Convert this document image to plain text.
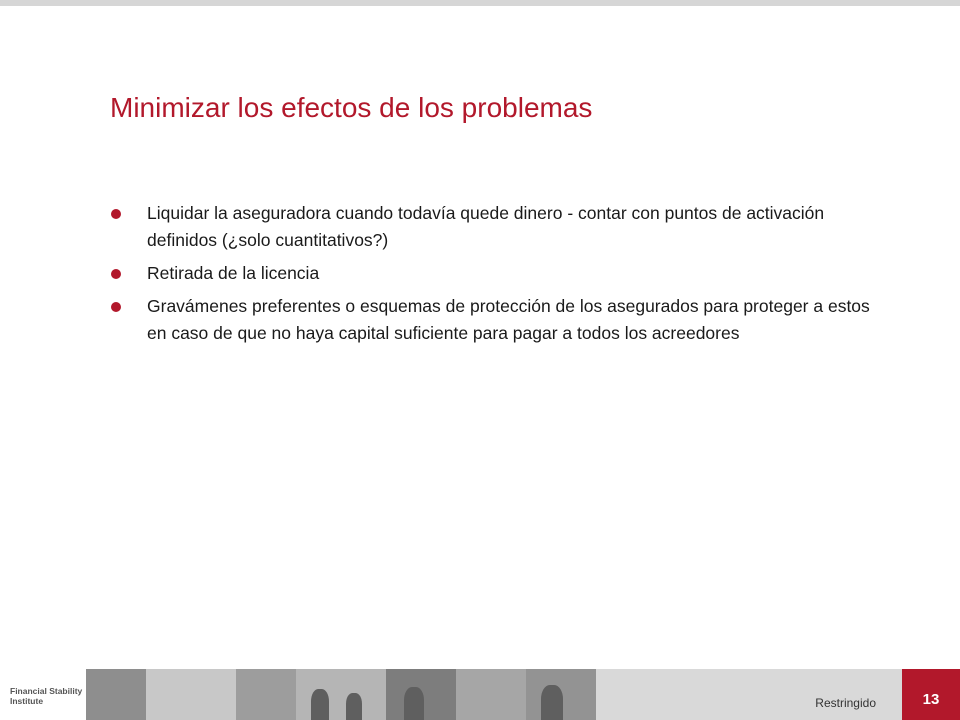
Minimizar los efectos de los problemas
Liquidar la aseguradora cuando todavía quede dinero - contar con puntos de activación definidos (¿solo cuantitativos?)
Retirada de la licencia
Gravámenes preferentes o esquemas de protección de los asegurados para proteger a estos en caso de que no haya capital suficiente para pagar a todos los acreedores
Financial Stability Institute	Restringido	13
